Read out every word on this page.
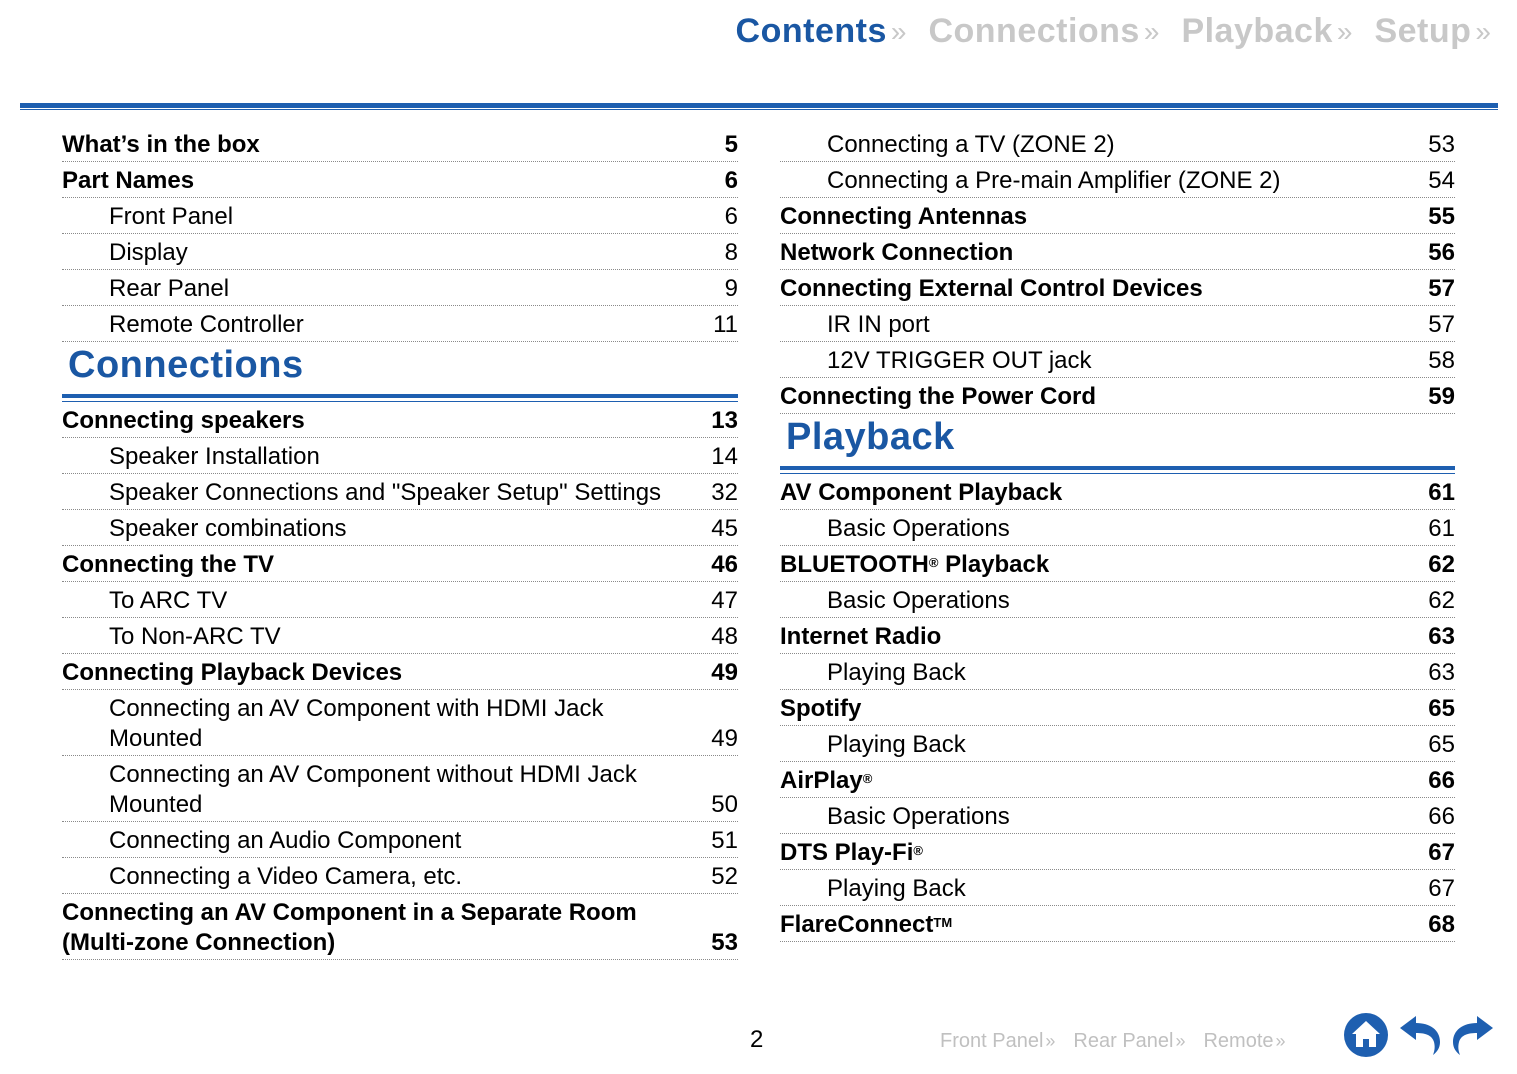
Contents » Connections » Playback » Setup »
What’s in the box	5
Part Names	6
Front Panel	6
Display	8
Rear Panel	9
Remote Controller	11
Connections
Connecting speakers	13
Speaker Installation	14
Speaker Connections and "Speaker Setup" Settings	32
Speaker combinations	45
Connecting the TV	46
To ARC TV	47
To Non-ARC TV	48
Connecting Playback Devices	49
Connecting an AV Component with HDMI Jack
Mounted	49
Connecting an AV Component without HDMI Jack
Mounted	50
Connecting an Audio Component	51
Connecting a Video Camera, etc.	52
Connecting an AV Component in a Separate Room
(Multi-zone Connection)	53
Connecting a TV (ZONE 2)	53
Connecting a Pre-main Amplifier (ZONE 2)	54
Connecting Antennas	55
Network Connection	56
Connecting External Control Devices	57
IR IN port	57
12V TRIGGER OUT jack	58
Connecting the Power Cord	59
Playback
AV Component Playback	61
Basic Operations	61
BLUETOOTH® Playback	62
Basic Operations	62
Internet Radio	63
Playing Back	63
Spotify	65
Playing Back	65
AirPlay®	66
Basic Operations	66
DTS Play-Fi®	67
Playing Back	67
FlareConnect™	68
2	Front Panel » Rear Panel » Remote »
